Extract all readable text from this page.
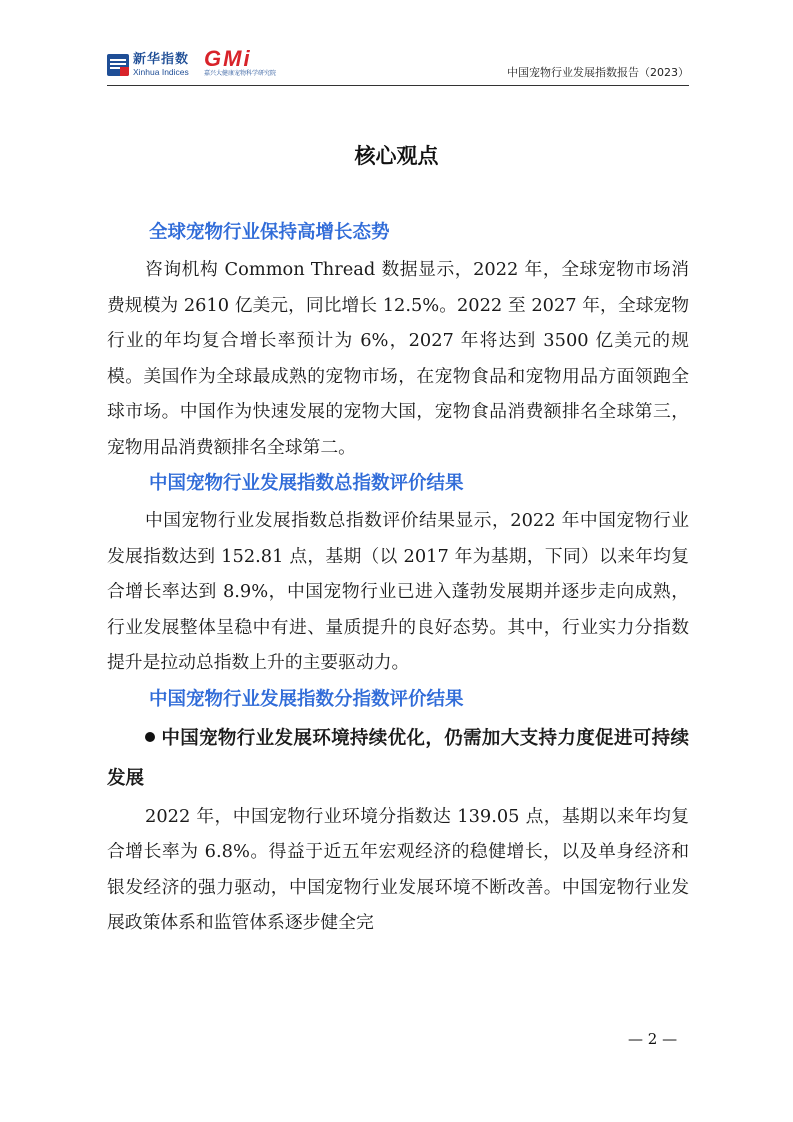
新华指数
Xinhua Indices
GMi
嘉兴大健康宠物科学研究院	中国宠物行业发展指数报告（2023）
核心观点
全球宠物行业保持高增长态势

咨询机构 Common Thread 数据显示，2022 年，全球宠物市场消费规模为 2610 亿美元，同比增长 12.5%。2022 至 2027 年，全球宠物行业的年均复合增长率预计为 6%，2027 年将达到 3500 亿美元的规模。美国作为全球最成熟的宠物市场，在宠物食品和宠物用品方面领跑全球市场。中国作为快速发展的宠物大国，宠物食品消费额排名全球第三，宠物用品消费额排名全球第二。

中国宠物行业发展指数总指数评价结果

中国宠物行业发展指数总指数评价结果显示，2022 年中国宠物行业发展指数达到 152.81 点，基期（以 2017 年为基期，下同）以来年均复合增长率达到 8.9%，中国宠物行业已进入蓬勃发展期并逐步走向成熟，行业发展整体呈稳中有进、量质提升的良好态势。其中，行业实力分指数提升是拉动总指数上升的主要驱动力。

中国宠物行业发展指数分指数评价结果

中国宠物行业发展环境持续优化，仍需加大支持力度促进可持续发展

2022 年，中国宠物行业环境分指数达 139.05 点，基期以来年均复合增长率为 6.8%。得益于近五年宏观经济的稳健增长，以及单身经济和银发经济的强力驱动，中国宠物行业发展环境不断改善。中国宠物行业发展政策体系和监管体系逐步健全完

— 2 —
